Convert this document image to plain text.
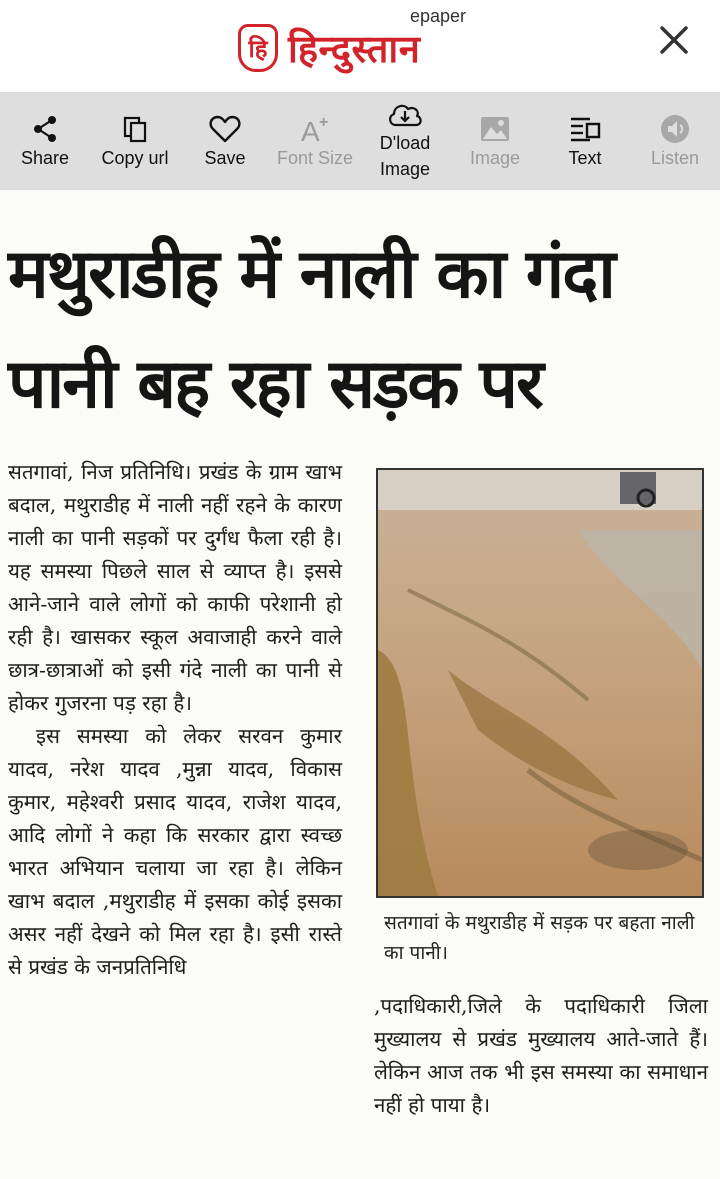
epaper
हि हिन्दुस्तान
Share Copy url Save
A +
Font Size
D'load Image
Image	Text	Listen
मथुराडीह में नाली का गंदा पानी बह रहा सड़क पर

सतगावां, निज प्रतिनिधि। प्रखंड के ग्राम खाभ बदाल, मथुराडीह में नाली नहीं रहने के कारण नाली का पानी सड़कों पर दुर्गंध फैला रही है। यह समस्या पिछले साल से व्याप्त है। इससे आने-जाने वाले लोगों को काफी परेशानी हो रही है। खासकर स्कूल अवाजाही करने वाले छात्र-छात्राओं को इसी गंदे नाली का पानी से होकर गुजरना पड़ रहा है।

इस समस्या को लेकर सरवन कुमार यादव, नरेश यादव ,मुन्ना यादव, विकास कुमार, महेश्वरी प्रसाद यादव, राजेश यादव, आदि लोगों ने कहा कि सरकार द्वारा स्वच्छ भारत अभियान चलाया जा रहा है। लेकिन खाभ बदाल ,मथुराडीह में इसका कोई इसका असर नहीं देखने को मिल रहा है। इसी रास्ते से प्रखंड के जनप्रतिनिधि

सतगावां के मथुराडीह में सड़क पर बहता नाली का पानी।

,पदाधिकारी,जिले के पदाधिकारी जिला मुख्यालय से प्रखंड मुख्यालय आते-जाते हैं। लेकिन आज तक भी इस समस्या का समाधान नहीं हो पाया है।
